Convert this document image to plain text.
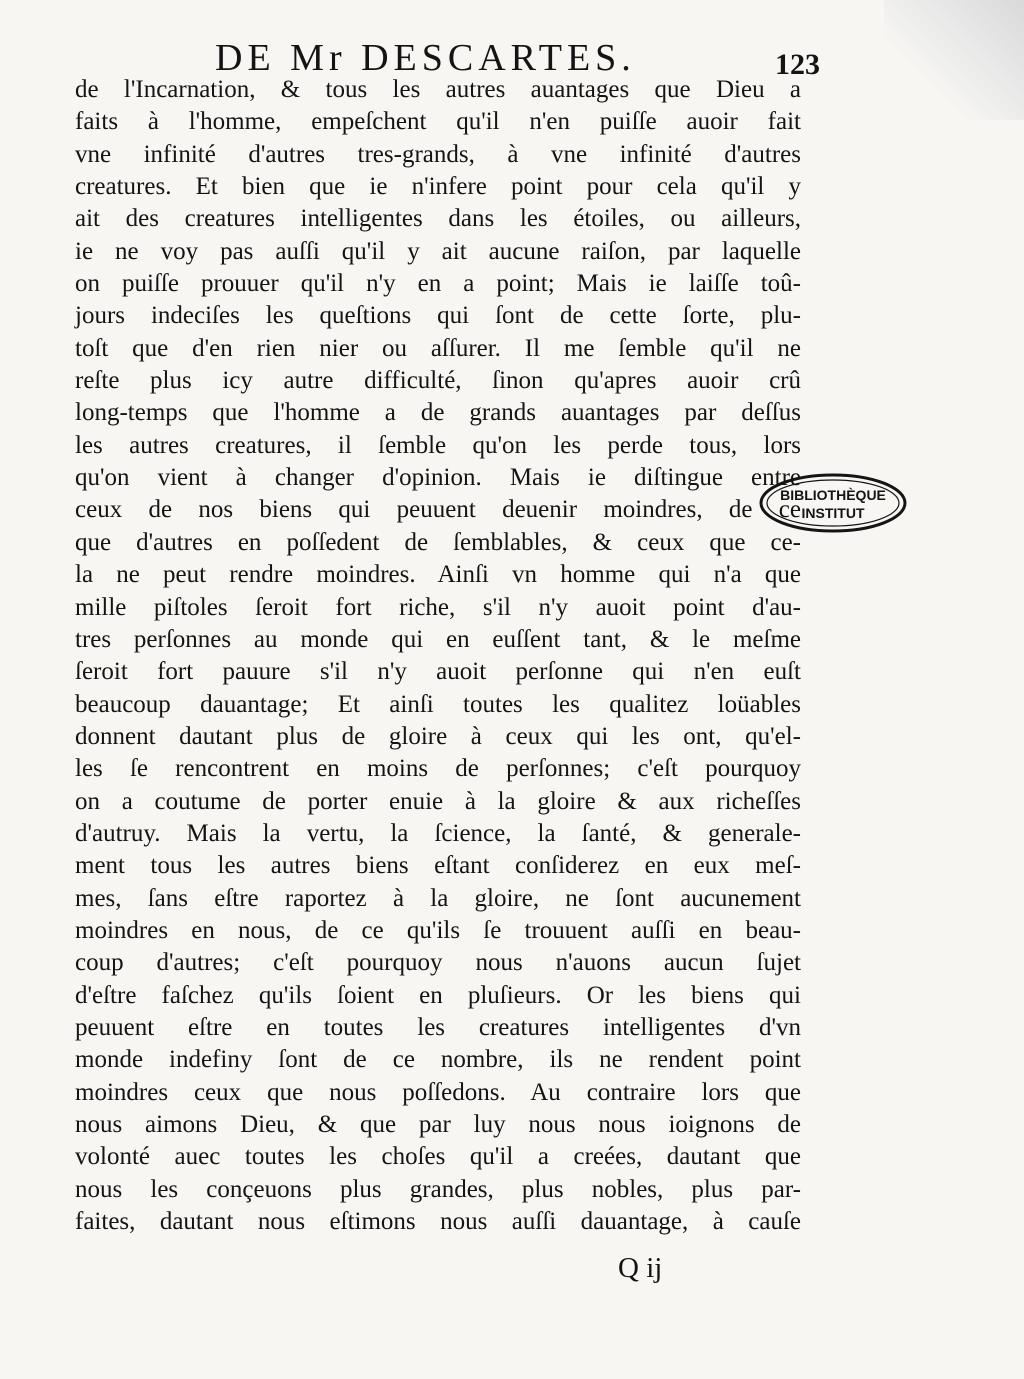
DE Mr DESCARTES.	123
de l'Incarnation, & tous les autres auantages que Dieu a
faits à l'homme, empeſchent qu'il n'en puiſſe auoir fait
vne infinité d'autres tres-grands, à vne infinité d'autres
creatures. Et bien que ie n'infere point pour cela qu'il y
ait des creatures intelligentes dans les étoiles, ou ailleurs,
ie ne voy pas auſſi qu'il y ait aucune raiſon, par laquelle
on puiſſe prouuer qu'il n'y en a point; Mais ie laiſſe toû-
jours indeciſes les queſtions qui ſont de cette ſorte, plu-
toſt que d'en rien nier ou aſſurer. Il me ſemble qu'il ne
reſte plus icy autre difficulté, ſinon qu'apres auoir crû
long-temps que l'homme a de grands auantages par deſſus
les autres creatures, il ſemble qu'on les perde tous, lors
qu'on vient à changer d'opinion. Mais ie diſtingue entre
ceux de nos biens qui peuuent deuenir moindres, de ce
que d'autres en poſſedent de ſemblables, & ceux que ce-
la ne peut rendre moindres. Ainſi vn homme qui n'a que
mille piſtoles ſeroit fort riche, s'il n'y auoit point d'au-
tres perſonnes au monde qui en euſſent tant, & le meſme
ſeroit fort pauure s'il n'y auoit perſonne qui n'en euſt
beaucoup dauantage; Et ainſi toutes les qualitez loüables
donnent dautant plus de gloire à ceux qui les ont, qu'el-
les ſe rencontrent en moins de perſonnes; c'eſt pourquoy
on a coutume de porter enuie à la gloire & aux richeſſes
d'autruy. Mais la vertu, la ſcience, la ſanté, & generale-
ment tous les autres biens eſtant conſiderez en eux meſ-
mes, ſans eſtre raportez à la gloire, ne ſont aucunement
moindres en nous, de ce qu'ils ſe trouuent auſſi en beau-
coup d'autres; c'eſt pourquoy nous n'auons aucun ſujet
d'eſtre faſchez qu'ils ſoient en pluſieurs. Or les biens qui
peuuent eſtre en toutes les creatures intelligentes d'vn
monde indefiny ſont de ce nombre, ils ne rendent point
moindres ceux que nous poſſedons. Au contraire lors que
nous aimons Dieu, & que par luy nous nous ioignons de
volonté auec toutes les choſes qu'il a creées, dautant que
nous les conçeuons plus grandes, plus nobles, plus par-
faites, dautant nous eſtimons nous auſſi dauantage, à cauſe
BIBLIOTHÈQUE
INSTITUT
Q ij
